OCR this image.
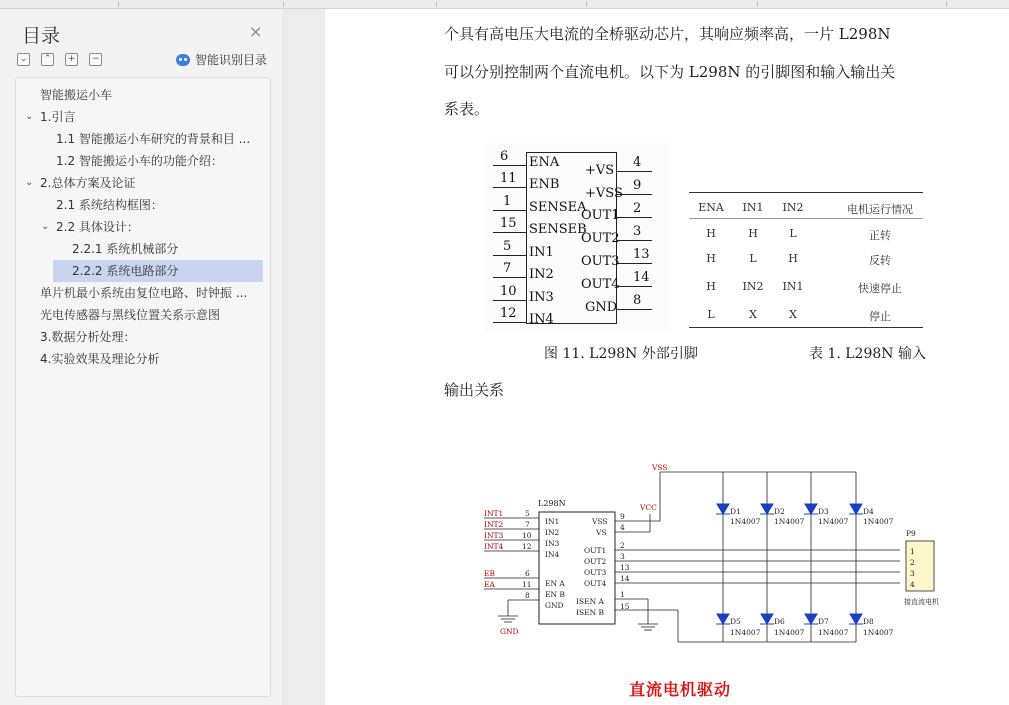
目录	×
⌄	⌃	+	−	智能识别目录
智能搬运小车
⌄ 1.引言
1.1 智能搬运小车研究的背景和目 ...
1.2 智能搬运小车的功能介绍：
⌄ 2.总体方案及论证
2.1 系统结构框图：
⌄ 2.2 具体设计：
2.2.1 系统机械部分
2.2.2 系统电路部分
单片机最小系统由复位电路、时钟振 ...
光电传感器与黑线位置关系示意图
3.数据分析处理：
4.实验效果及理论分析
个具有高电压大电流的全桥驱动芯片，其响应频率高，一片 L298N
可以分别控制两个直流电机。以下为 L298N 的引脚图和输入输出关
系表。
6 ENA
11 ENB
1 SENSEA
15 SENSEB
5 IN1
7 IN2
10 IN3
12 IN4
4
+VS
9
+VSS
2
OUT1
3
OUT2
13
OUT3
14
OUT4
8
GND
ENA	IN1	IN2	电机运行情况
H	H	L	正转
H	L	H	反转
H	IN2	IN1	快速停止
L	X	X	停止
图 11. L298N 外部引脚	表 1. L298N 输入
输出关系
L298N
INT1
INT2
INT3
INT4
EB
EA
GND
5
7
10
12
6
11
8
IN1
IN2
IN3
IN4
EN A
EN B
GND
VSS
VS
OUT1
OUT2
OUT3
OUT4
ISEN A
ISEN B
9
4
2
3
13
14
1
15
D1	D2	D3	D4
1N4007 1N4007 1N4007 1N4007
D5	D6	D7	D8
1N4007 1N4007 1N4007 1N4007
VSS
VCC
P9
1
2
3
4
接直流电机
直流电机驱动
